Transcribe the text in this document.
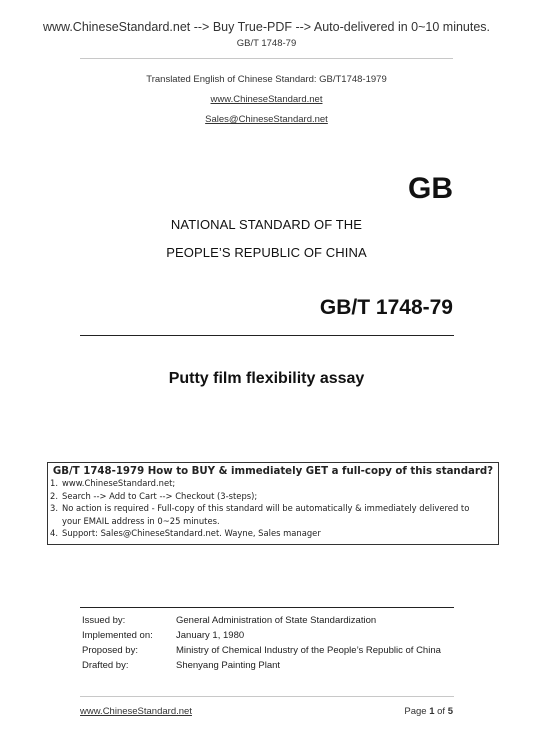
www.ChineseStandard.net --> Buy True-PDF --> Auto-delivered in 0~10 minutes.
GB/T 1748-79
Translated English of Chinese Standard: GB/T1748-1979
www.ChineseStandard.net
Sales@ChineseStandard.net
GB
NATIONAL STANDARD OF THE
PEOPLE’S REPUBLIC OF CHINA
GB/T 1748-79
Putty film flexibility assay
GB/T 1748-1979 How to BUY & immediately GET a full-copy of this standard?
1. www.ChineseStandard.net;
2. Search --> Add to Cart --> Checkout (3-steps);
3. No action is required - Full-copy of this standard will be automatically & immediately delivered to
your EMAIL address in 0~25 minutes.
4. Support: Sales@ChineseStandard.net. Wayne, Sales manager
Issued by:	General Administration of State Standardization
Implemented on: January 1, 1980
Proposed by:	Ministry of Chemical Industry of the People’s Republic of China
Drafted by:	Shenyang Painting Plant
www.ChineseStandard.net	Page 1 of 5
